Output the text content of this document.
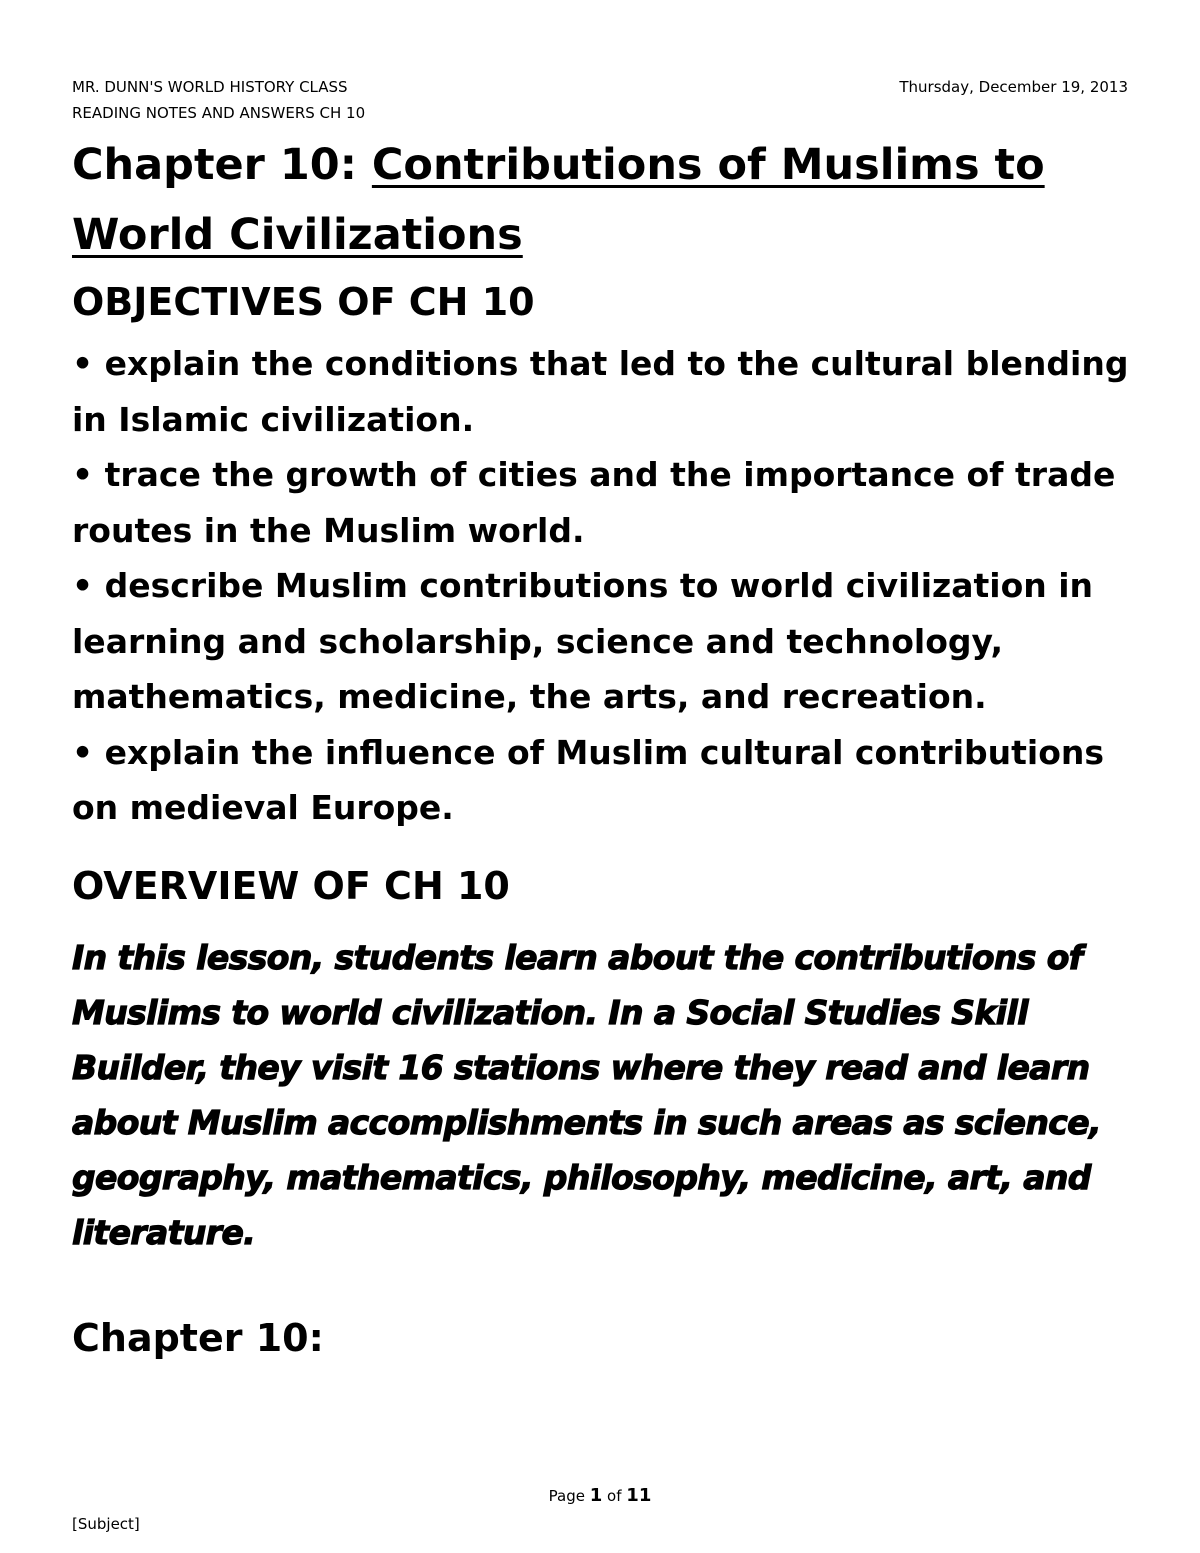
MR. DUNN'S WORLD HISTORY CLASS
READING NOTES AND ANSWERS CH 10
Thursday, December 19, 2013
Chapter 10: Contributions of Muslims to World Civilizations
OBJECTIVES OF CH 10
• explain the conditions that led to the cultural blending in Islamic civilization.
• trace the growth of cities and the importance of trade routes in the Muslim world.
• describe Muslim contributions to world civilization in learning and scholarship, science and technology, mathematics, medicine, the arts, and recreation.
• explain the influence of Muslim cultural contributions on medieval Europe.
OVERVIEW OF CH 10

In this lesson, students learn about the contributions of Muslims to world civilization. In a Social Studies Skill Builder, they visit 16 stations where they read and learn about Muslim accomplishments in such areas as science, geography, mathematics, philosophy, medicine, art, and literature.

Chapter 10:
Page 1 of 11
[Subject]
